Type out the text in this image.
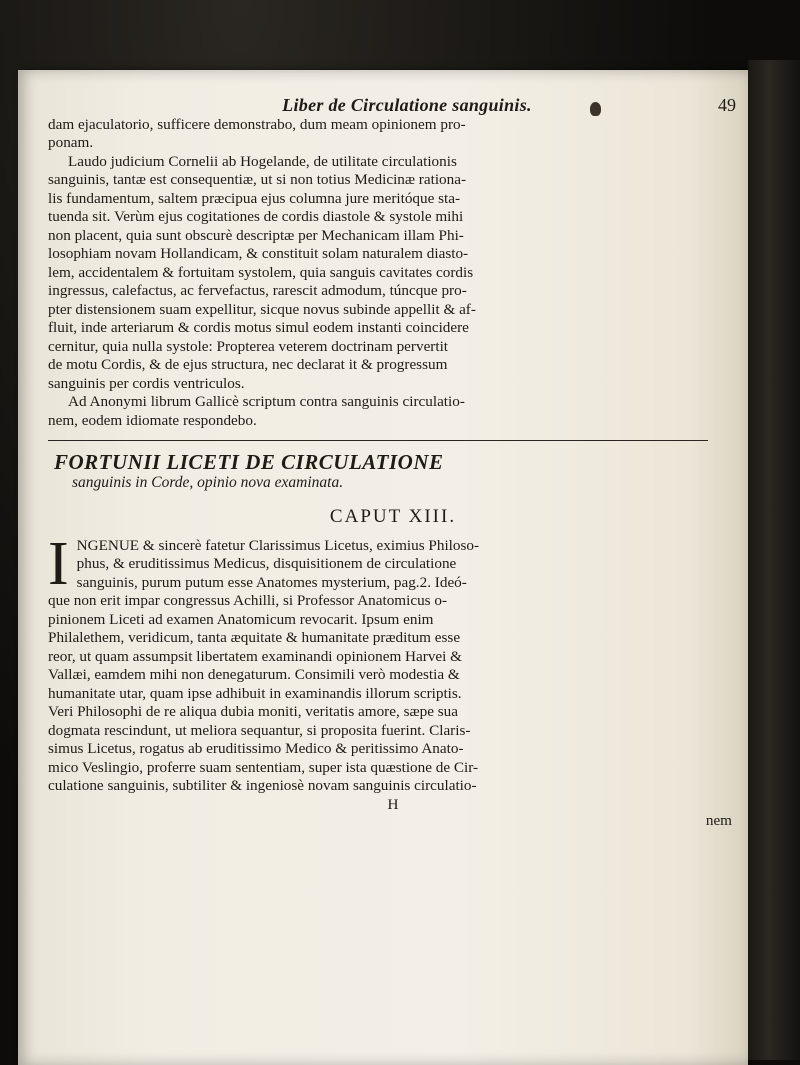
Liber de Circulatione sanguinis.	49

dam ejaculatorio, sufficere demonstrabo, dum meam opinionem pro-

ponam.

Laudo judicium Cornelii ab Hogelande, de utilitate circulationis

sanguinis, tantæ est consequentiæ, ut si non totius Medicinæ rationa-

lis fundamentum, saltem præcipua ejus columna jure meritóque sta-

tuenda sit. Verùm ejus cogitationes de cordis diastole & systole mihi

non placent, quia sunt obscurè descriptæ per Mechanicam illam Phi-

losophiam novam Hollandicam, & constituit solam naturalem diasto-

lem, accidentalem & fortuitam systolem, quia sanguis cavitates cordis

ingressus, calefactus, ac fervefactus, rarescit admodum, túncque pro-

pter distensionem suam expellitur, sicque novus subinde appellit & af-

fluit, inde arteriarum & cordis motus simul eodem instanti coincidere

cernitur, quia nulla systole: Propterea veterem doctrinam pervertit

de motu Cordis, & de ejus structura, nec declarat it & progressum

sanguinis per cordis ventriculos.

Ad Anonymi librum Gallicè scriptum contra sanguinis circulatio-

nem, eodem idiomate respondebo.

FORTUNII LICETI DE CIRCULATIONE
sanguinis in Corde, opinio nova examinata.
CAPUT XIII.
I NGENUE & sincerè fatetur Clarissimus Licetus, eximius Philoso-

phus, & eruditissimus Medicus, disquisitionem de circulatione

sanguinis, purum putum esse Anatomes mysterium, pag.2. Ideó-

que non erit impar congressus Achilli, si Professor Anatomicus o-

pinionem Liceti ad examen Anatomicum revocarit. Ipsum enim

Philalethem, veridicum, tanta æquitate & humanitate præditum esse

reor, ut quam assumpsit libertatem examinandi opinionem Harvei &

Vallæi, eamdem mihi non denegaturum. Consimili verò modestia &

humanitate utar, quam ipse adhibuit in examinandis illorum scriptis.

Veri Philosophi de re aliqua dubia moniti, veritatis amore, sæpe sua

dogmata rescindunt, ut meliora sequantur, si proposita fuerint. Claris-

simus Licetus, rogatus ab eruditissimo Medico & peritissimo Anato-

mico Veslingio, proferre suam sententiam, super ista quæstione de Cir-

culatione sanguinis, subtiliter & ingeniosè novam sanguinis circulatio-

H
nem
